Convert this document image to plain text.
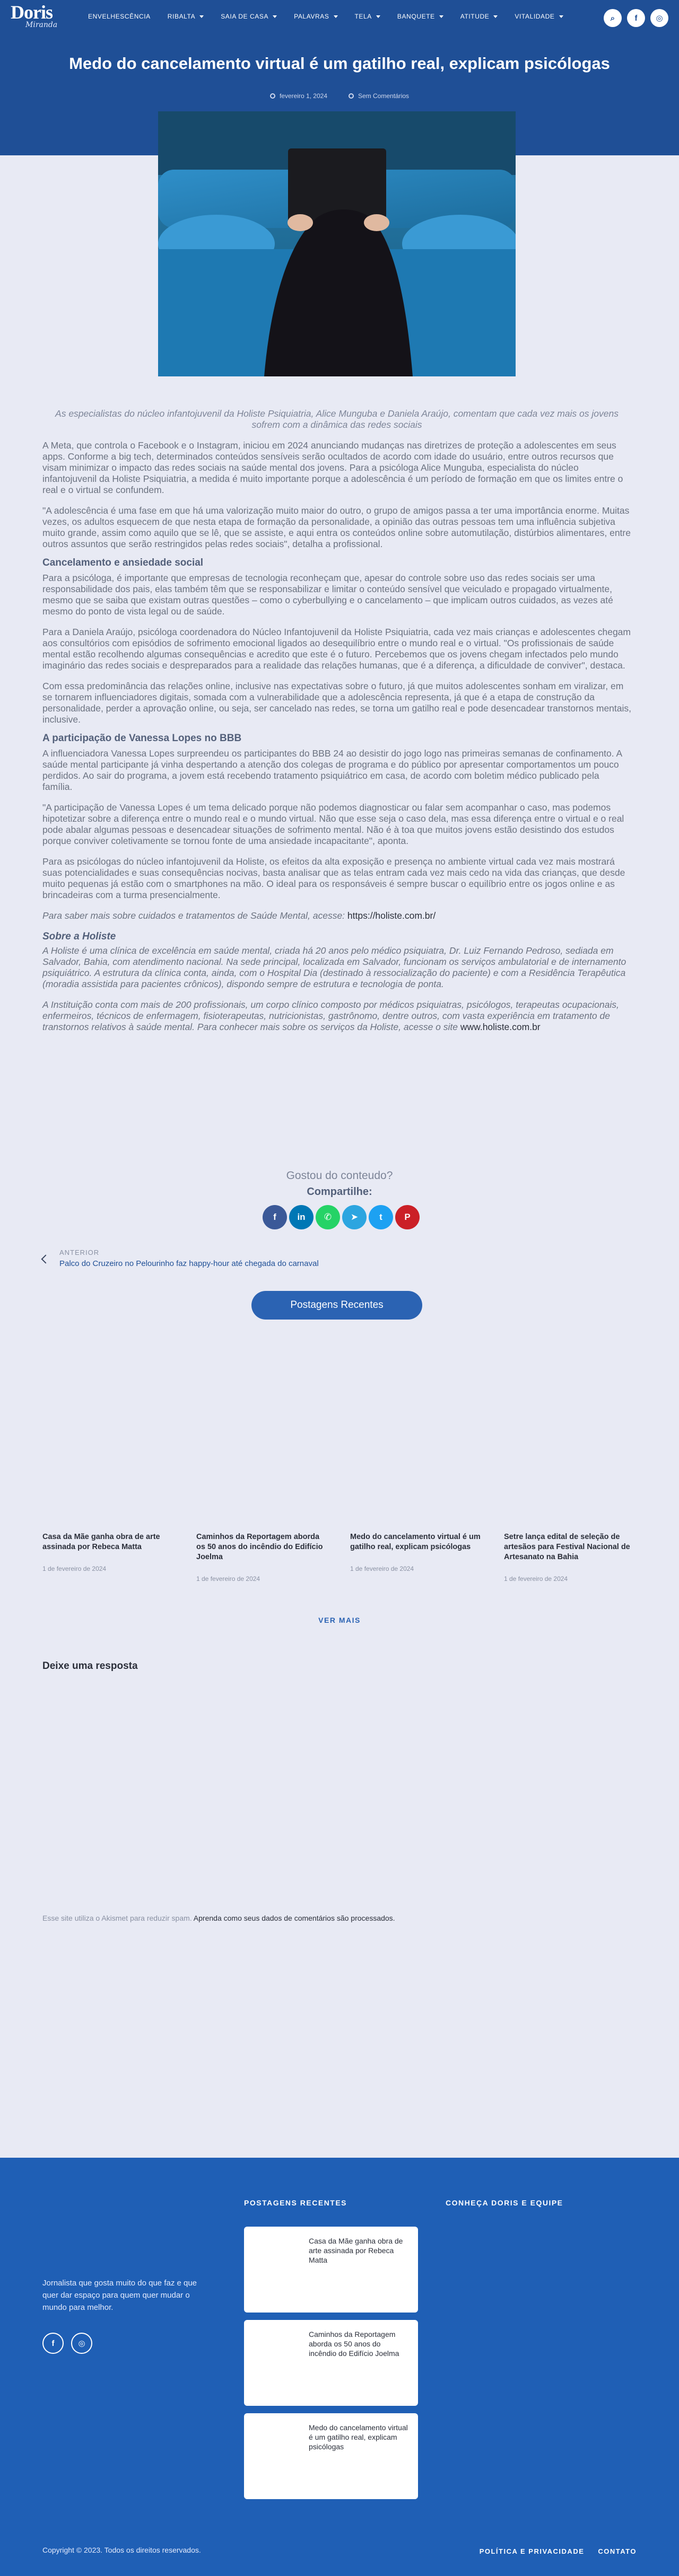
Doris
Miranda
ENVELHESCÊNCIA	RIBALTA	SAIA DE CASA	PALAVRAS	TELA	BANQUETE	ATITUDE	VITALIDADE	⌕	f	◎
Medo do cancelamento virtual é um gatilho real, explicam psicólogas
fevereiro 1, 2024	Sem Comentários

As especialistas do núcleo infantojuvenil da Holiste Psiquiatria, Alice Munguba e Daniela Araújo, comentam que cada vez mais os jovens sofrem com a dinâmica das redes sociais

A Meta, que controla o Facebook e o Instagram, iniciou em 2024 anunciando mudanças nas diretrizes de proteção a adolescentes em seus apps. Conforme a big tech, determinados conteúdos sensíveis serão ocultados de acordo com idade do usuário, entre outros recursos que visam minimizar o impacto das redes sociais na saúde mental dos jovens. Para a psicóloga Alice Munguba, especialista do núcleo infantojuvenil da Holiste Psiquiatria, a medida é muito importante porque a adolescência é um período de formação em que os limites entre o real e o virtual se confundem.

"A adolescência é uma fase em que há uma valorização muito maior do outro, o grupo de amigos passa a ter uma importância enorme. Muitas vezes, os adultos esquecem de que nesta etapa de formação da personalidade, a opinião das outras pessoas tem uma influência subjetiva muito grande, assim como aquilo que se lê, que se assiste, e aqui entra os conteúdos online sobre automutilação, distúrbios alimentares, entre outros assuntos que serão restringidos pelas redes sociais", detalha a profissional.

Cancelamento e ansiedade social

Para a psicóloga, é importante que empresas de tecnologia reconheçam que, apesar do controle sobre uso das redes sociais ser uma responsabilidade dos pais, elas também têm que se responsabilizar e limitar o conteúdo sensível que veiculado e propagado virtualmente, mesmo que se saiba que existam outras questões – como o cyberbullying e o cancelamento – que implicam outros cuidados, as vezes até mesmo do ponto de vista legal ou de saúde.

Para a Daniela Araújo, psicóloga coordenadora do Núcleo Infantojuvenil da Holiste Psiquiatria, cada vez mais crianças e adolescentes chegam aos consultórios com episódios de sofrimento emocional ligados ao desequilíbrio entre o mundo real e o virtual. "Os profissionais de saúde mental estão recolhendo algumas consequências e acredito que este é o futuro. Percebemos que os jovens chegam infectados pelo mundo imaginário das redes sociais e despreparados para a realidade das relações humanas, que é a diferença, a dificuldade de conviver", destaca.

Com essa predominância das relações online, inclusive nas expectativas sobre o futuro, já que muitos adolescentes sonham em viralizar, em se tornarem influenciadores digitais, somada com a vulnerabilidade que a adolescência representa, já que é a etapa de construção da personalidade, perder a aprovação online, ou seja, ser cancelado nas redes, se torna um gatilho real e pode desencadear transtornos mentais, inclusive.

A participação de Vanessa Lopes no BBB

A influenciadora Vanessa Lopes surpreendeu os participantes do BBB 24 ao desistir do jogo logo nas primeiras semanas de confinamento. A saúde mental participante já vinha despertando a atenção dos colegas de programa e do público por apresentar comportamentos um pouco perdidos. Ao sair do programa, a jovem está recebendo tratamento psiquiátrico em casa, de acordo com boletim médico publicado pela família.

"A participação de Vanessa Lopes é um tema delicado porque não podemos diagnosticar ou falar sem acompanhar o caso, mas podemos hipotetizar sobre a diferença entre o mundo real e o mundo virtual. Não que esse seja o caso dela, mas essa diferença entre o virtual e o real pode abalar algumas pessoas e desencadear situações de sofrimento mental. Não é à toa que muitos jovens estão desistindo dos estudos porque conviver coletivamente se tornou fonte de uma ansiedade incapacitante", aponta.

Para as psicólogas do núcleo infantojuvenil da Holiste, os efeitos da alta exposição e presença no ambiente virtual cada vez mais mostrará suas potencialidades e suas consequências nocivas, basta analisar que as telas entram cada vez mais cedo na vida das crianças, que desde muito pequenas já estão com o smartphones na mão. O ideal para os responsáveis é sempre buscar o equilíbrio entre os jogos online e as brincadeiras com a turma presencialmente.

Para saber mais sobre cuidados e tratamentos de Saúde Mental, acesse: https://holiste.com.br/

Sobre a Holiste

A Holiste é uma clínica de excelência em saúde mental, criada há 20 anos pelo médico psiquiatra, Dr. Luiz Fernando Pedroso, sediada em Salvador, Bahia, com atendimento nacional. Na sede principal, localizada em Salvador, funcionam os serviços ambulatorial e de internamento psiquiátrico. A estrutura da clínica conta, ainda, com o Hospital Dia (destinado à ressocialização do paciente) e com a Residência Terapêutica (moradia assistida para pacientes crônicos), dispondo sempre de estrutura e tecnologia de ponta.

A Instituição conta com mais de 200 profissionais, um corpo clínico composto por médicos psiquiatras, psicólogos, terapeutas ocupacionais, enfermeiros, técnicos de enfermagem, fisioterapeutas, nutricionistas, gastrônomo, dentre outros, com vasta experiência em tratamento de transtornos relativos à saúde mental. Para conhecer mais sobre os serviços da Holiste, acesse o site www.holiste.com.br

Gostou do conteudo?
Compartilhe:
f	in	✆	➤	t	P
ANTERIOR
Palco do Cruzeiro no Pelourinho faz happy-hour até chegada do carnaval
Postagens Recentes
Casa da Mãe ganha obra de arte assinada por Rebeca Matta
1 de fevereiro de 2024
Caminhos da Reportagem aborda os 50 anos do incêndio do Edifício Joelma
1 de fevereiro de 2024
Medo do cancelamento virtual é um gatilho real, explicam psicólogas
1 de fevereiro de 2024
Setre lança edital de seleção de artesãos para Festival Nacional de Artesanato na Bahia
1 de fevereiro de 2024
VER MAIS
Deixe uma resposta
Esse site utiliza o Akismet para reduzir spam. Aprenda como seus dados de comentários são processados.
Jornalista que gosta muito do que faz e que quer dar espaço para quem quer mudar o mundo para melhor.
f	◎
POSTAGENS RECENTES	CONHEÇA DORIS E EQUIPE
Casa da Mãe ganha obra de arte assinada por Rebeca Matta
Caminhos da Reportagem aborda os 50 anos do incêndio do Edifício Joelma
Medo do cancelamento virtual é um gatilho real, explicam psicólogas
Copyright © 2023. Todos os direitos reservados.	POLÍTICA E PRIVACIDADE CONTATO
